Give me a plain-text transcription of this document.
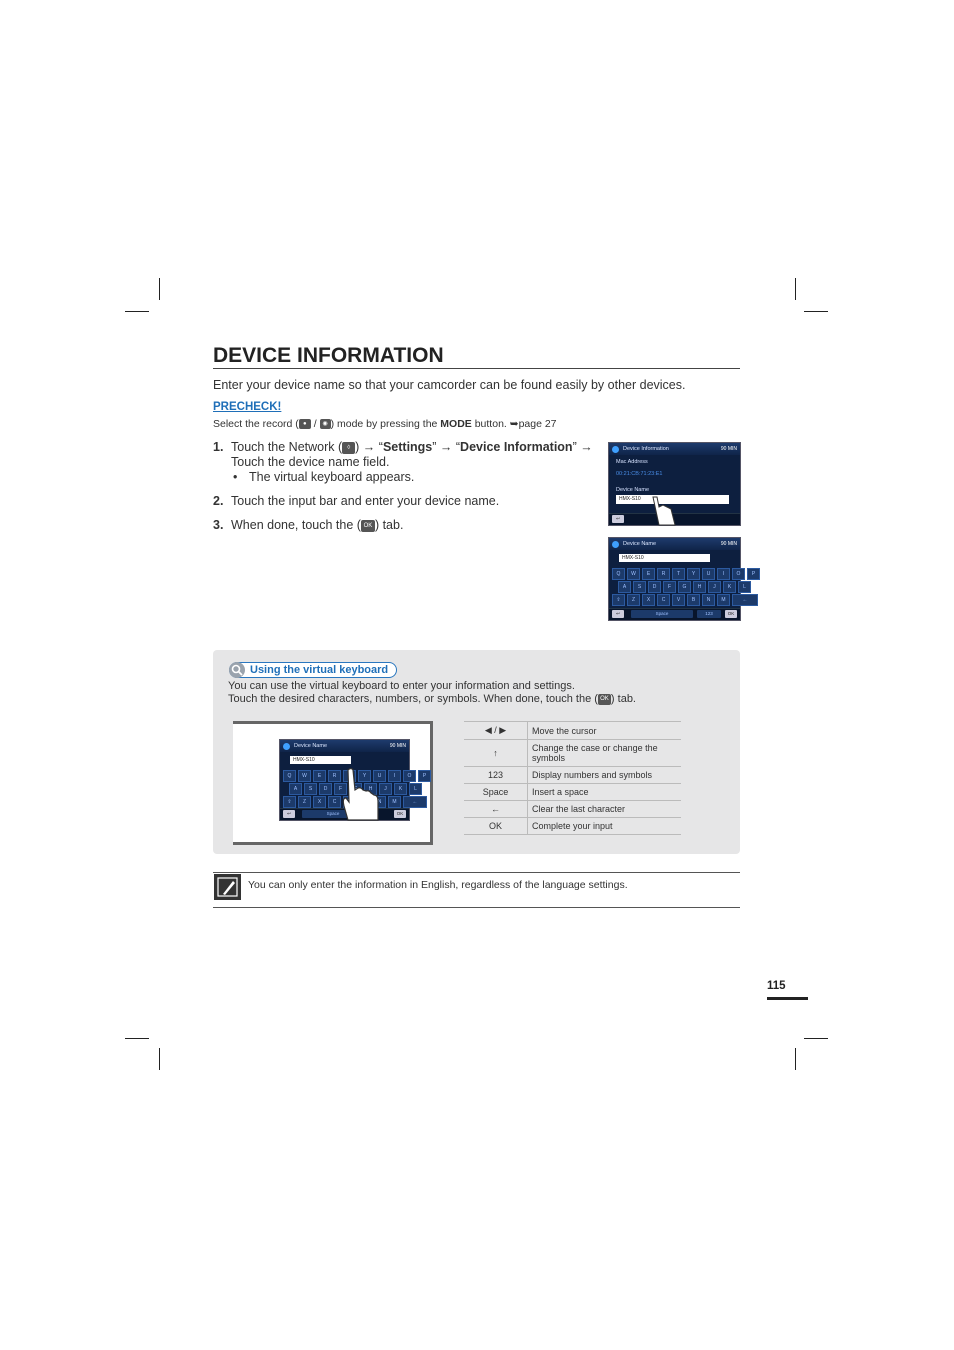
DEVICE INFORMATION
Enter your device name so that your camcorder can be found easily by other devices.
PRECHECK!
Select the record ( ● / ◉ ) mode by pressing the MODE button. ➥page 27
1. Touch the Network ( ◊ ) → “Settings” → “Device Information” → Touch the device name field.
• The virtual keyboard appears.
2. Touch the input bar and enter your device name.
3. When done, touch the ( OK ) tab.
Device Information	90 MIN
Mac Address
00:21:CB:71:23:E1
Device Name
HMX-S10
↩
Device Name	90 MIN
HMX-S10
Q	W	E	R	T	Y	U	I	O	P
A	S	D	F	G	H	J	K	L
⇧	Z	X	C	V	B	N	M	←
↩	Space	123	OK
Using the virtual keyboard
You can use the virtual keyboard to enter your information and settings.
Touch the desired characters, numbers, or symbols. When done, touch the ( OK ) tab.
Device Name	90 MIN
HMX-S10
Q	W	E	R	Y	U	I	O	P
A	S	D	F	H	J	K	L
⇧	Z	X	C	N	M	←
↩	Space	OK
◀ / ▶	Move the cursor
↑	Change the case or change the symbols
123	Display numbers and symbols
Space	Insert a space
←	Clear the last character
OK	Complete your input
You can only enter the information in English, regardless of the language settings.
115
